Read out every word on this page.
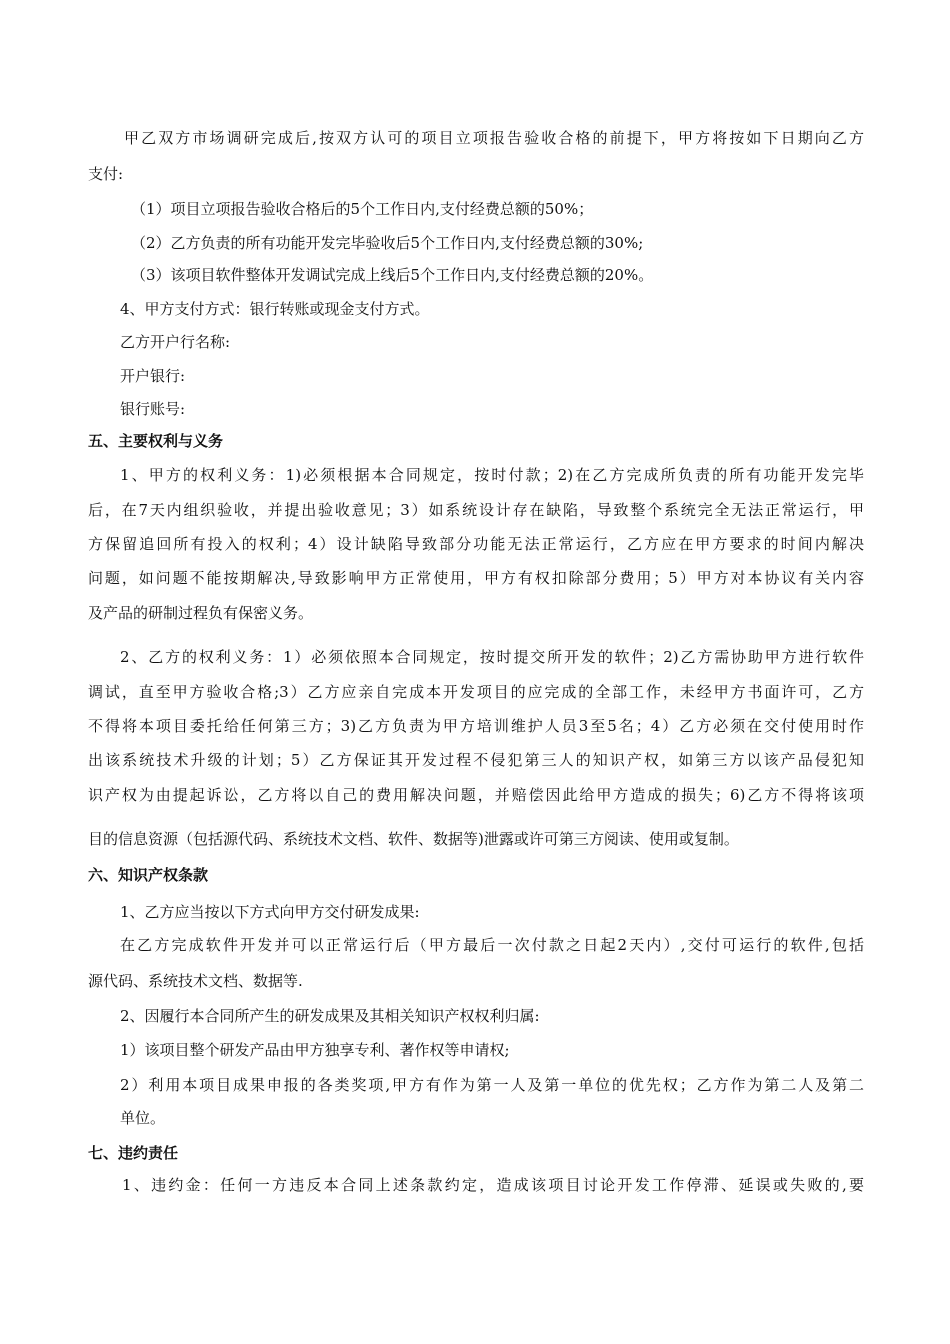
甲乙双方市场调研完成后,按双方认可的项目立项报告验收合格的前提下，甲方将按如下日期向乙方

支付:

（1）项目立项报告验收合格后的5个工作日内,支付经费总额的50%；

（2）乙方负责的所有功能开发完毕验收后5个工作日内,支付经费总额的30%;

（3）该项目软件整体开发调试完成上线后5个工作日内,支付经费总额的20%。

4、甲方支付方式：银行转账或现金支付方式。

乙方开户行名称:

开户银行:

银行账号:

五、主要权利与义务

1、甲方的权利义务：1)必须根据本合同规定，按时付款；2)在乙方完成所负责的所有功能开发完毕

后，在7天内组织验收，并提出验收意见；3）如系统设计存在缺陷，导致整个系统完全无法正常运行，甲

方保留追回所有投入的权利；4）设计缺陷导致部分功能无法正常运行，乙方应在甲方要求的时间内解决

问题，如问题不能按期解决,导致影响甲方正常使用，甲方有权扣除部分费用；5）甲方对本协议有关内容

及产品的研制过程负有保密义务。

2、乙方的权利义务：1）必须依照本合同规定，按时提交所开发的软件；2)乙方需协助甲方进行软件

调试，直至甲方验收合格;3）乙方应亲自完成本开发项目的应完成的全部工作，未经甲方书面许可，乙方

不得将本项目委托给任何第三方；3)乙方负责为甲方培训维护人员3至5名；4）乙方必须在交付使用时作

出该系统技术升级的计划；5）乙方保证其开发过程不侵犯第三人的知识产权，如第三方以该产品侵犯知

识产权为由提起诉讼，乙方将以自己的费用解决问题，并赔偿因此给甲方造成的损失；6)乙方不得将该项

目的信息资源（包括源代码、系统技术文档、软件、数据等)泄露或许可第三方阅读、使用或复制。

六、知识产权条款

1、乙方应当按以下方式向甲方交付研发成果:

在乙方完成软件开发并可以正常运行后（甲方最后一次付款之日起2天内）,交付可运行的软件,包括

源代码、系统技术文档、数据等.

2、因履行本合同所产生的研发成果及其相关知识产权权利归属:

1）该项目整个研发产品由甲方独享专利、著作权等申请权;

2）利用本项目成果申报的各类奖项,甲方有作为第一人及第一单位的优先权；乙方作为第二人及第二

单位。

七、违约责任

1、违约金：任何一方违反本合同上述条款约定，造成该项目讨论开发工作停滞、延误或失败的,要
